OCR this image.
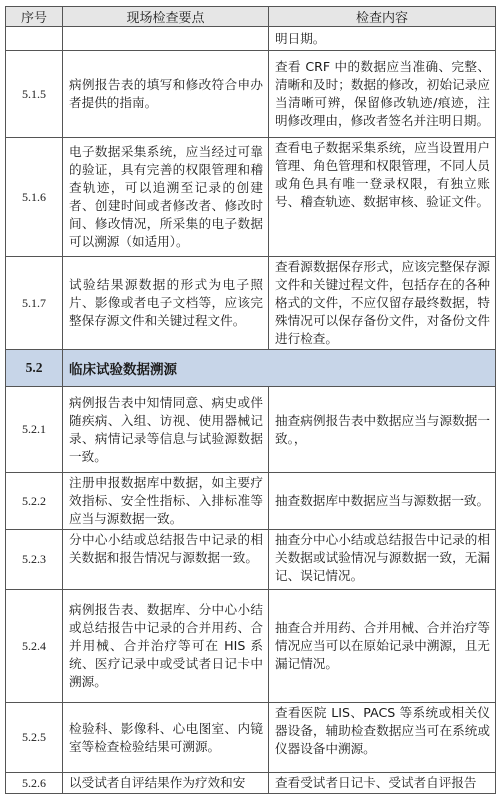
序号	现场检查要点	检查内容
		明日期。
5.1.5	病例报告表的填写和修改符合申办者提供的指南。	查看 CRF 中的数据应当准确、完整、清晰和及时；数据的修改，初始记录应当清晰可辨，保留修改轨迹/痕迹，注明修改理由，修改者签名并注明日期。
5.1.6	电子数据采集系统，应当经过可靠的验证，具有完善的权限管理和稽查轨迹，可以追溯至记录的创建者、创建时间或者修改者、修改时间、修改情况，所采集的电子数据可以溯源（如适用）。	查看电子数据采集系统，应当设置用户管理、角色管理和权限管理，不同人员或角色具有唯一登录权限，有独立账号、稽查轨迹、数据审核、验证文件。
5.1.7	试验结果源数据的形式为电子照片、影像或者电子文档等，应该完整保存源文件和关键过程文件。	查看源数据保存形式，应该完整保存源文件和关键过程文件，包括存在的各种格式的文件，不应仅留存最终数据，特殊情况可以保存备份文件，对备份文件进行检查。
5.2	临床试验数据溯源	
5.2.1	病例报告表中知情同意、病史或伴随疾病、入组、访视、使用器械记录、病情记录等信息与试验源数据一致。	抽查病例报告表中数据应当与源数据一致。，
5.2.2	注册申报数据库中数据，如主要疗效指标、安全性指标、入排标准等应当与源数据一致。	抽查数据库中数据应当与源数据一致。
5.2.3	分中心小结或总结报告中记录的相关数据和报告情况与源数据一致。	抽查分中心小结或总结报告中记录的相关数据或试验情况与源数据一致，无漏记、误记情况。
5.2.4	病例报告表、数据库、分中心小结或总结报告中记录的合并用药、合并用械、合并治疗等可在 HIS 系统、医疗记录中或受试者日记卡中溯源。	抽查合并用药、合并用械、合并治疗等情况应当可以在原始记录中溯源，且无漏记情况。
5.2.5	检验科、影像科、心电图室、内镜室等检查检验结果可溯源。	查看医院 LIS、PACS 等系统或相关仪器设备，辅助检查数据应当可在系统或仪器设备中溯源。
5.2.6	以受试者自评结果作为疗效和安	查看受试者日记卡、受试者自评报告
